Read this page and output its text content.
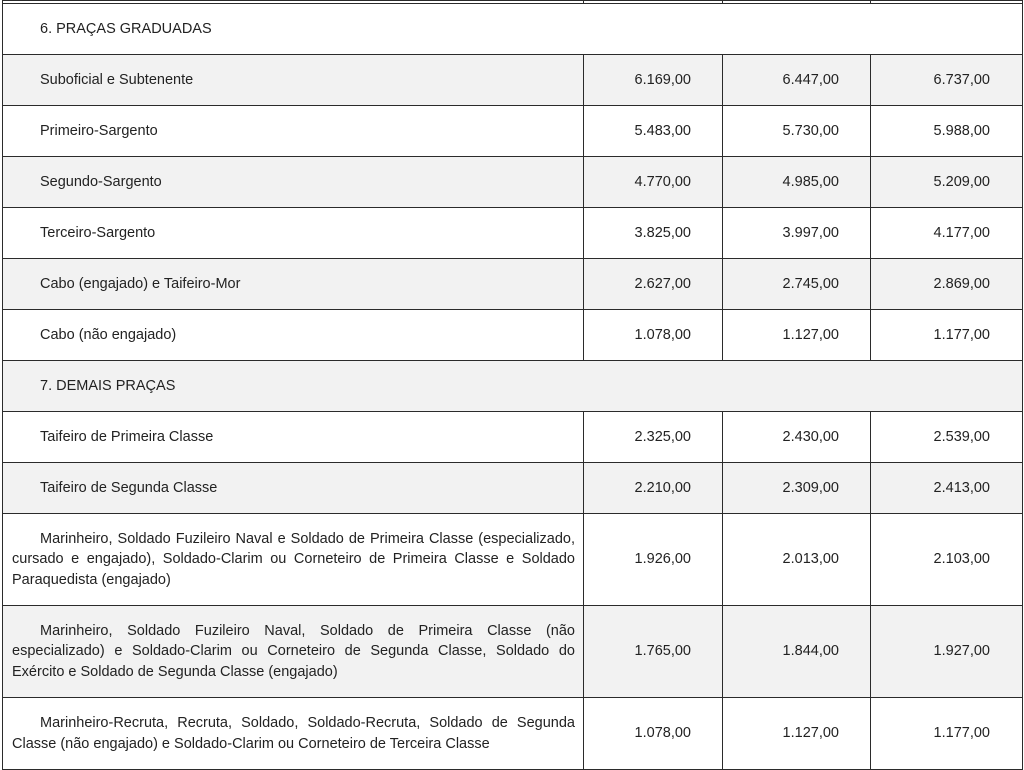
6. PRAÇAS GRADUADAS			
Suboficial e Subtenente	6.169,00	6.447,00	6.737,00
Primeiro-Sargento	5.483,00	5.730,00	5.988,00
Segundo-Sargento	4.770,00	4.985,00	5.209,00
Terceiro-Sargento	3.825,00	3.997,00	4.177,00
Cabo (engajado) e Taifeiro-Mor	2.627,00	2.745,00	2.869,00
Cabo (não engajado)	1.078,00	1.127,00	1.177,00
7. DEMAIS PRAÇAS			
Taifeiro de Primeira Classe	2.325,00	2.430,00	2.539,00
Taifeiro de Segunda Classe	2.210,00	2.309,00	2.413,00
Marinheiro, Soldado Fuzileiro Naval e Soldado de Primeira Classe (especializado, cursado e engajado), Soldado-Clarim ou Corneteiro de Primeira Classe e Soldado Paraquedista (engajado)	1.926,00	2.013,00	2.103,00
Marinheiro, Soldado Fuzileiro Naval, Soldado de Primeira Classe (não especializado) e Soldado-Clarim ou Corneteiro de Segunda Classe, Soldado do Exército e Soldado de Segunda Classe (engajado)	1.765,00	1.844,00	1.927,00
Marinheiro-Recruta, Recruta, Soldado, Soldado-Recruta, Soldado de Segunda Classe (não engajado) e Soldado-Clarim ou Corneteiro de Terceira Classe	1.078,00	1.127,00	1.177,00
